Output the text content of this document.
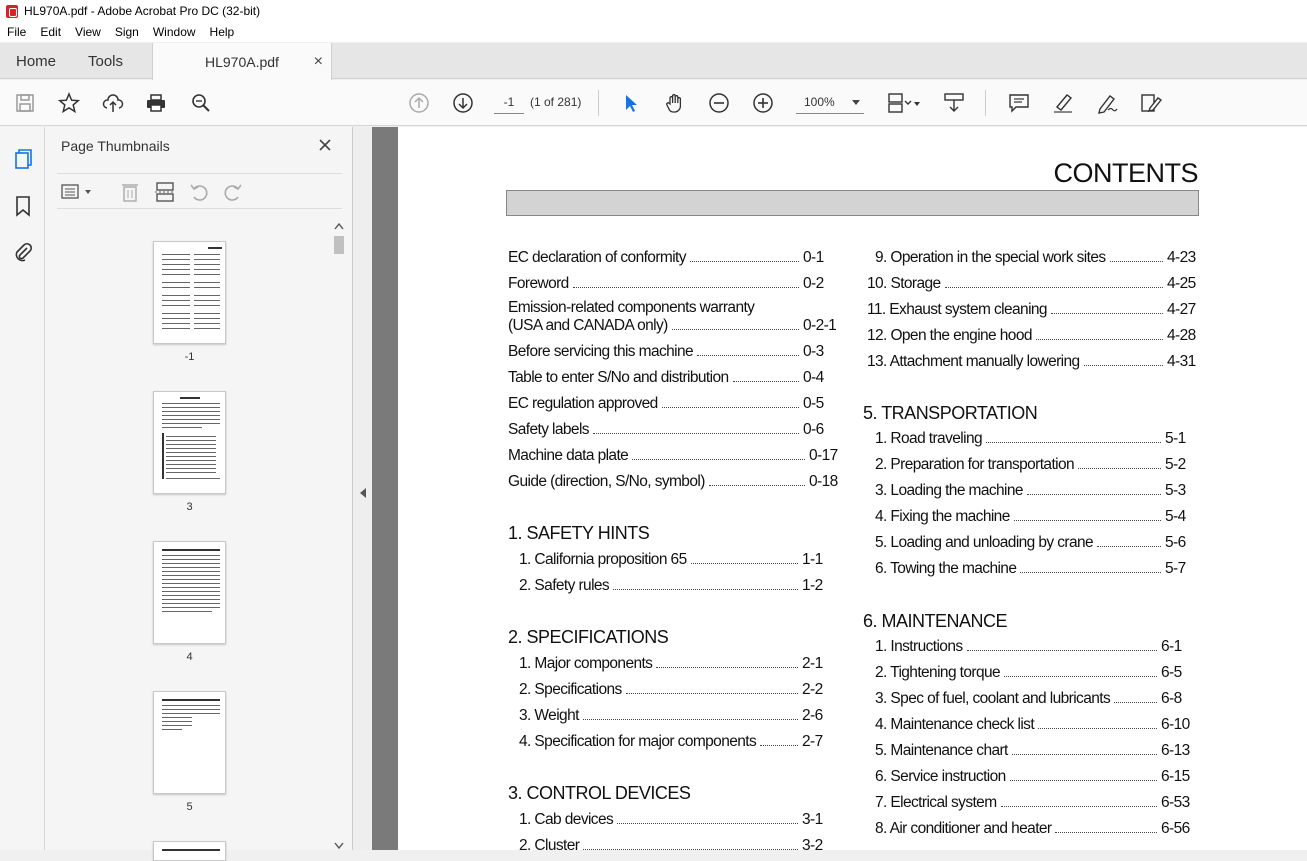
HL970A.pdf - Adobe Acrobat Pro DC (32-bit)
File	Edit	View	Sign	Window	Help
Home Tools	HL970A.pdf ×
-1	(1 of 281)	100%
Page Thumbnails
-1
3
4
5
CONTENTS
EC declaration of conformity	0-1
Foreword	0-2
Emission-related components warranty
(USA and CANADA only)	0-2-1
Before servicing this machine	0-3
Table to enter S/No and distribution	0-4
EC regulation approved	0-5
Safety labels	0-6
Machine data plate	0-17
Guide (direction, S/No, symbol)	0-18
1. SAFETY HINTS
1. California proposition 65	1-1
2. Safety rules	1-2
2. SPECIFICATIONS
1. Major components	2-1
2. Specifications	2-2
3. Weight	2-6
4. Specification for major components	2-7
3. CONTROL DEVICES
1. Cab devices	3-1
2. Cluster	3-2
9. Operation in the special work sites	4-23
10. Storage	4-25
11. Exhaust system cleaning	4-27
12. Open the engine hood	4-28
13. Attachment manually lowering	4-31
5. TRANSPORTATION
1. Road traveling	5-1
2. Preparation for transportation	5-2
3. Loading the machine	5-3
4. Fixing the machine	5-4
5. Loading and unloading by crane	5-6
6. Towing the machine	5-7
6. MAINTENANCE
1. Instructions	6-1
2. Tightening torque	6-5
3. Spec of fuel, coolant and lubricants	6-8
4. Maintenance check list	6-10
5. Maintenance chart	6-13
6. Service instruction	6-15
7. Electrical system	6-53
8. Air conditioner and heater	6-56
